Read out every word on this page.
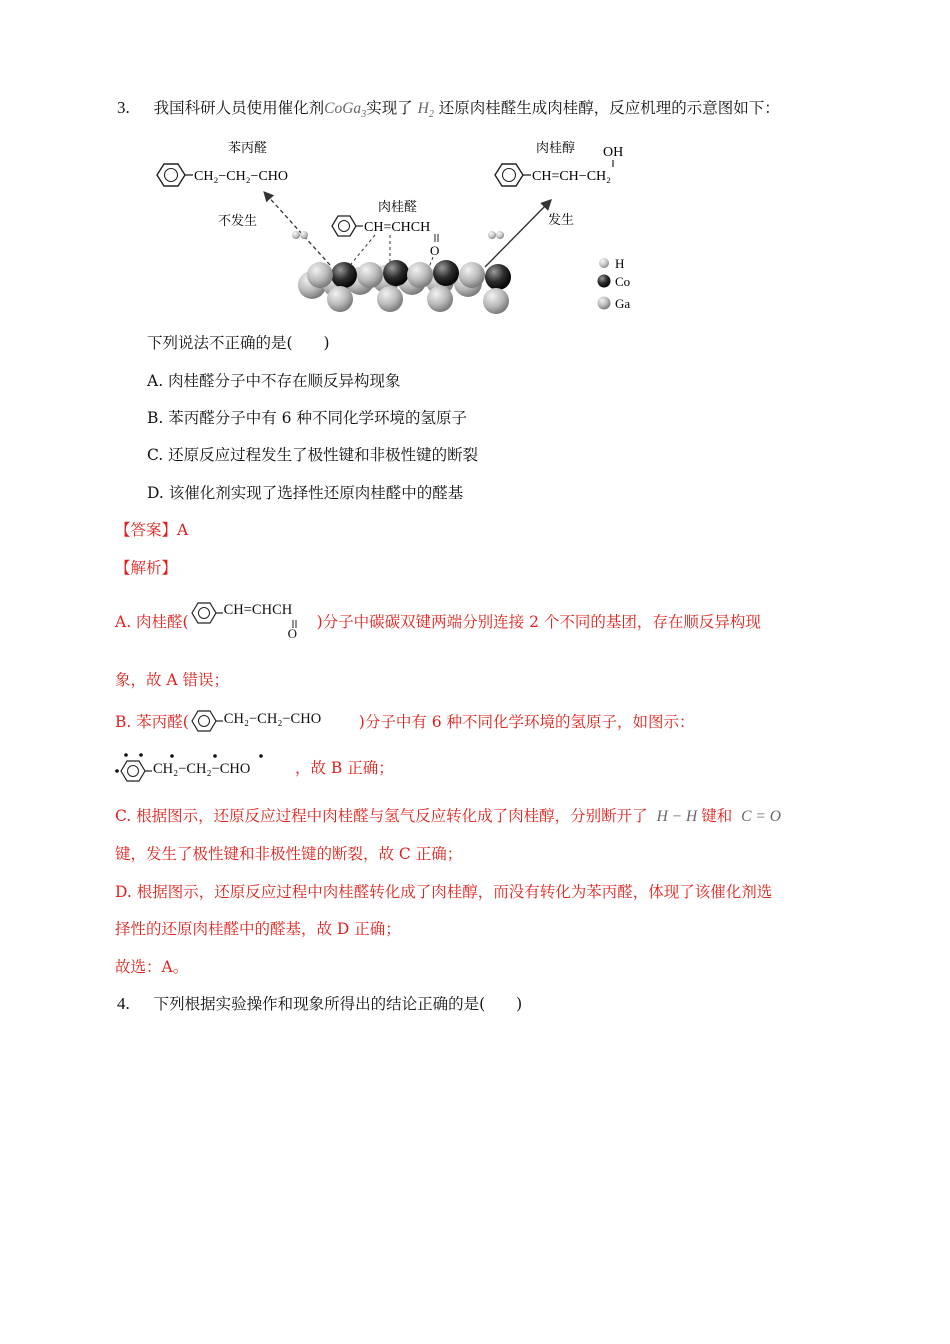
3. 我国科研人员使用催化剂CoGa$_3$实现了 $H_2$ 还原肉桂醛生成肉桂醇，反应机理的示意图如下：
苯丙醛
CH₂−CH₂−CHO
不发生
肉桂醛
CH=CHCH
O
肉桂醇 OH
CH=CH−CH₂
发生
H
Co
Ga
下列说法不正确的是(　　)
A. 肉桂醛分子中不存在顺反异构现象
B. 苯丙醛分子中有 6 种不同化学环境的氢原子
C. 还原反应过程发生了极性键和非极性键的断裂
D. 该催化剂实现了选择性还原肉桂醛中的醛基
【答案】A
【解析】
A. 肉桂醛(
CH=CHCH
O
)分子中碳碳双键两端分别连接 2 个不同的基团，存在顺反异构现
象，故 A 错误；
B. 苯丙醛( CH₂−CH₂−CHO )分子中有 6 种不同化学环境的氢原子，如图示：
CH₂−CH₂−CHO	，故 B 正确；
C. 根据图示，还原反应过程中肉桂醛与氢气反应转化成了肉桂醇，分别断开了 H − H 键和 C = O
键，发生了极性键和非极性键的断裂，故 C 正确；
D. 根据图示，还原反应过程中肉桂醛转化成了肉桂醇，而没有转化为苯丙醛，体现了该催化剂选
择性的还原肉桂醛中的醛基，故 D 正确；
故选：A。
4. 下列根据实验操作和现象所得出的结论正确的是(　　)
